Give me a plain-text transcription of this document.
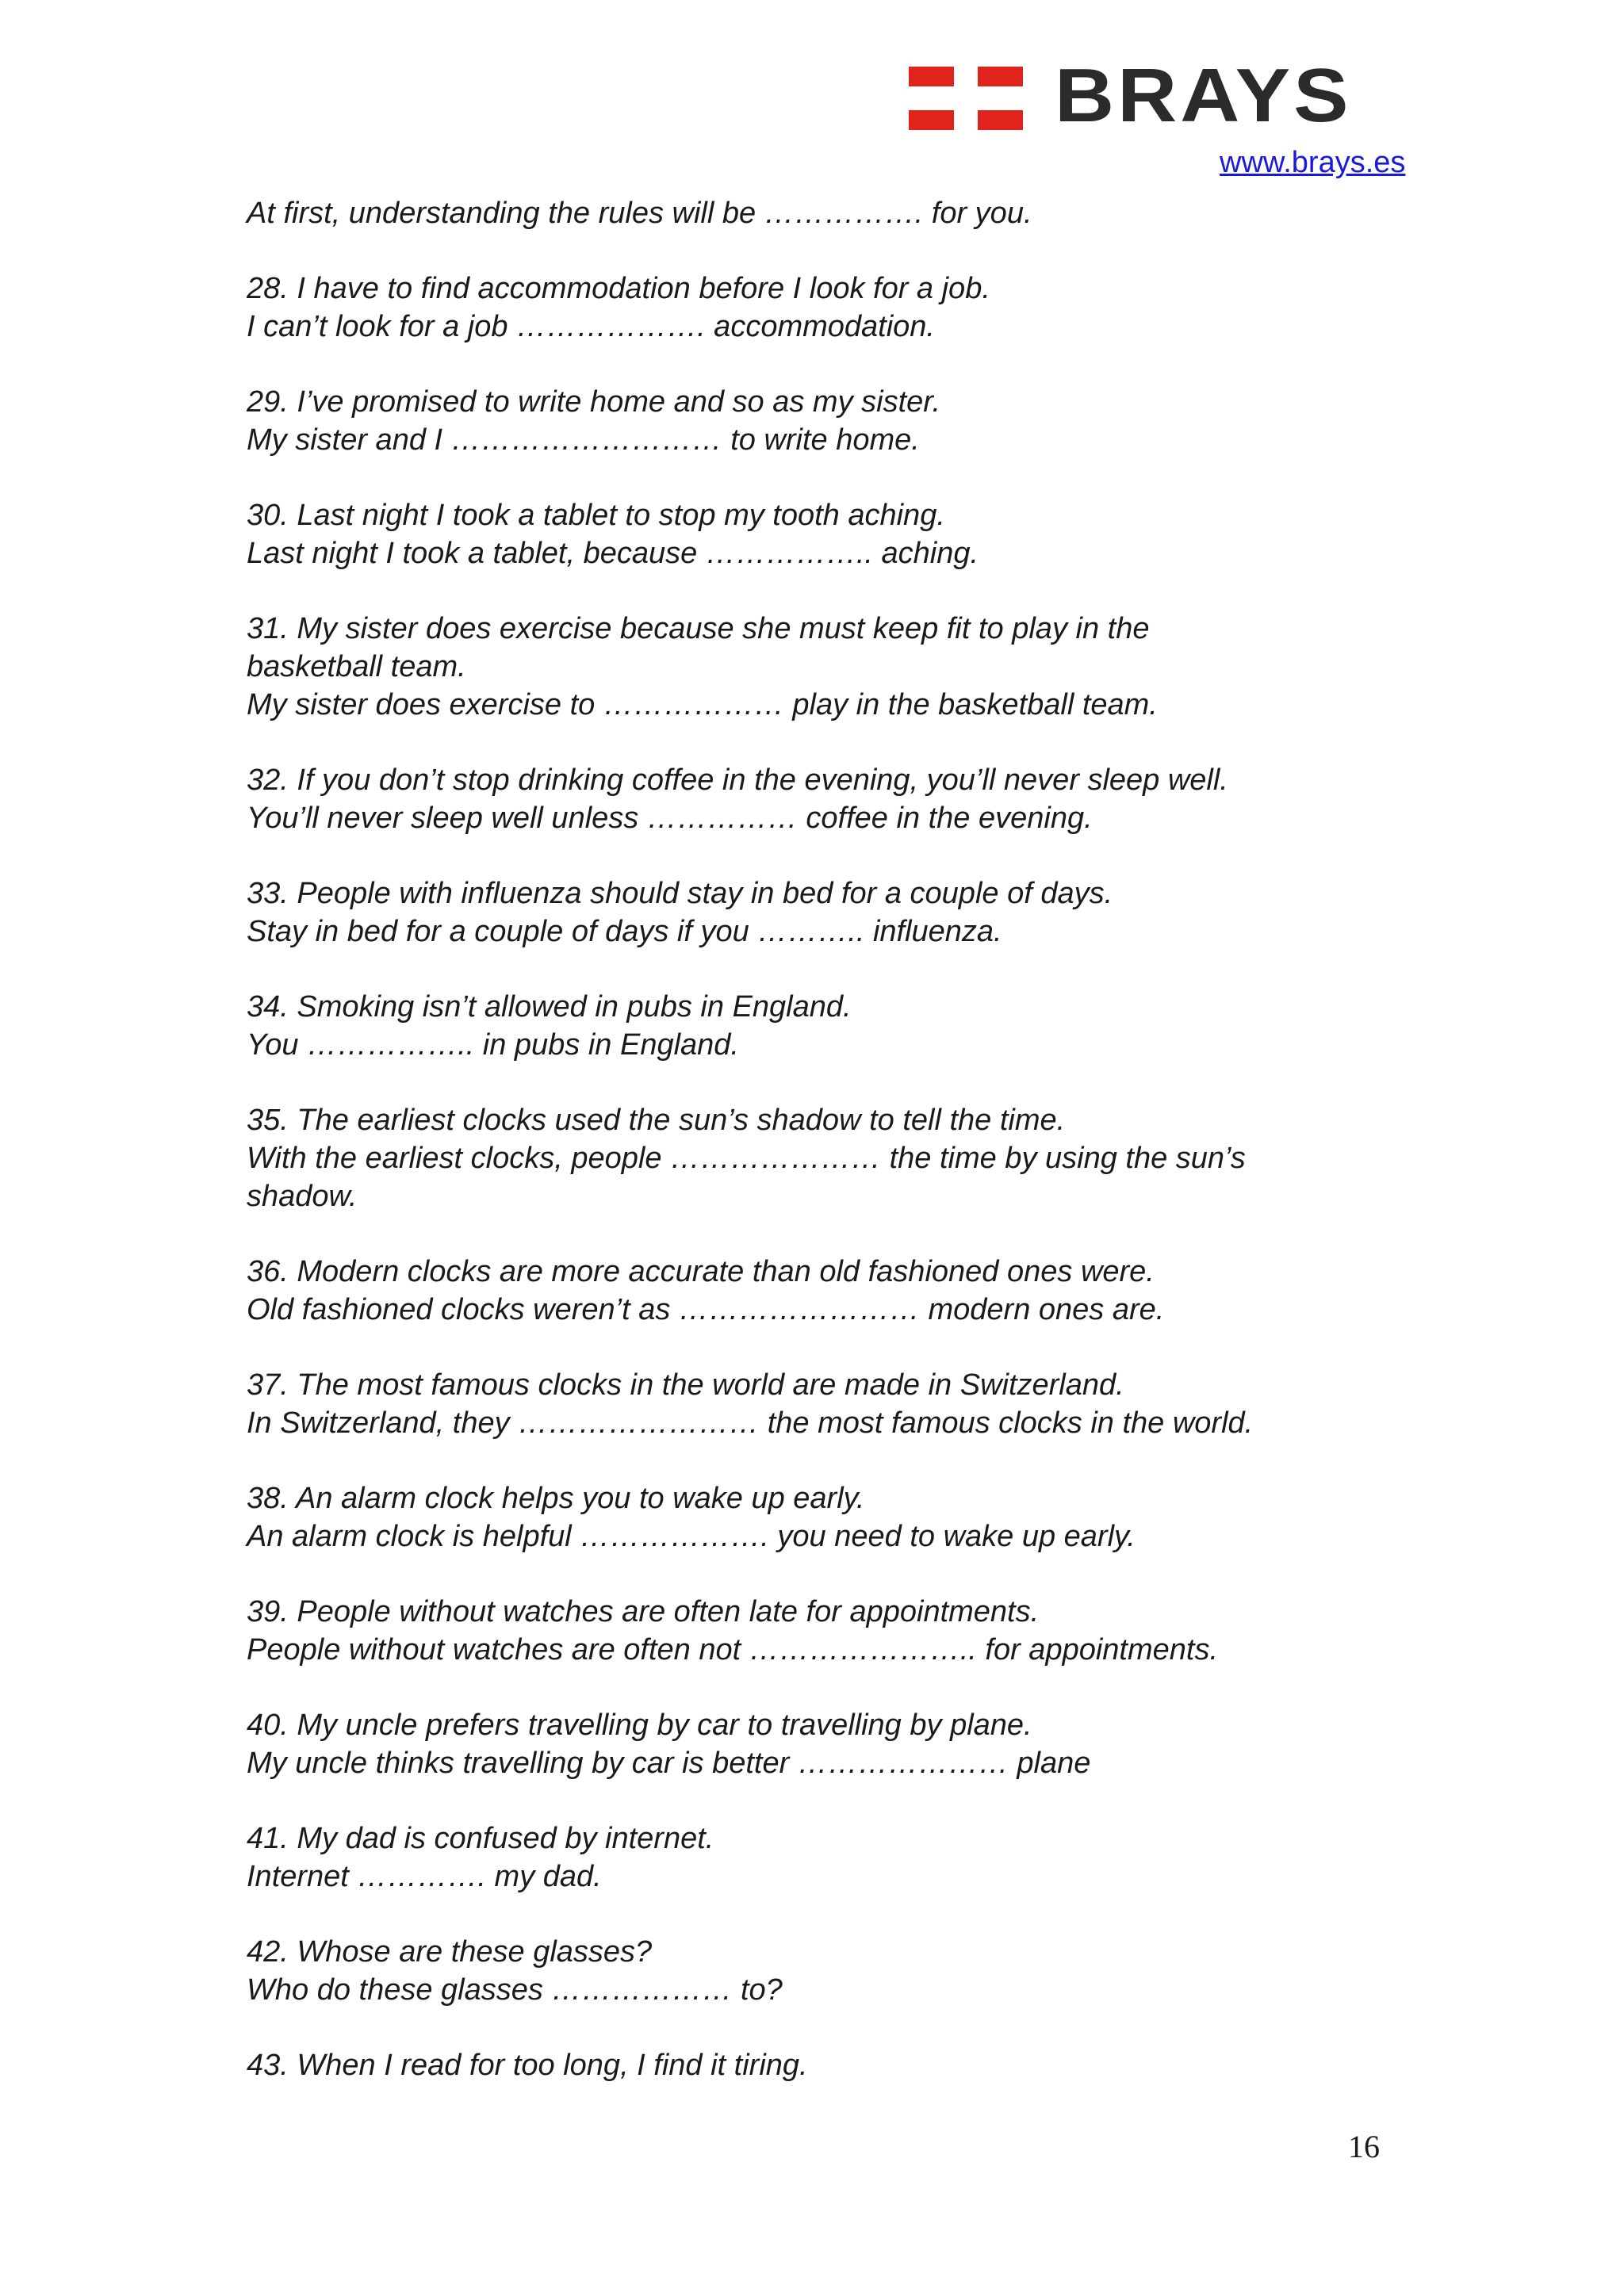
BRAYS
www.brays.es

At first, understanding the rules will be ……………. for you.

28. I have to find accommodation before I look for a job.

I can’t look for a job ………………. accommodation.

29. I’ve promised to write home and so as my sister.

My sister and I ……………………… to write home.

30. Last night I took a tablet to stop my tooth aching.

Last night I took a tablet, because …………….. aching.

31. My sister does exercise because she must keep fit to play in the

basketball team.

My sister does exercise to ……………… play in the basketball team.

32. If you don’t stop drinking coffee in the evening, you’ll never sleep well.

You’ll never sleep well unless …………… coffee in the evening.

33. People with influenza should stay in bed for a couple of days.

Stay in bed for a couple of days if you ……….. influenza.

34. Smoking isn’t allowed in pubs in England.

You …………….. in pubs in England.

35. The earliest clocks used the sun’s shadow to tell the time.

With the earliest clocks, people ………………… the time by using the sun’s

shadow.

36. Modern clocks are more accurate than old fashioned ones were.

Old fashioned clocks weren’t as …………………… modern ones are.

37. The most famous clocks in the world are made in Switzerland.

In Switzerland, they …………………… the most famous clocks in the world.

38. An alarm clock helps you to wake up early.

An alarm clock is helpful ………………. you need to wake up early.

39. People without watches are often late for appointments.

People without watches are often not ………………….. for appointments.

40. My uncle prefers travelling by car to travelling by plane.

My uncle thinks travelling by car is better ………………… plane

41. My dad is confused by internet.

Internet …………. my dad.

42. Whose are these glasses?

Who do these glasses ……………… to?

43. When I read for too long, I find it tiring.

16
